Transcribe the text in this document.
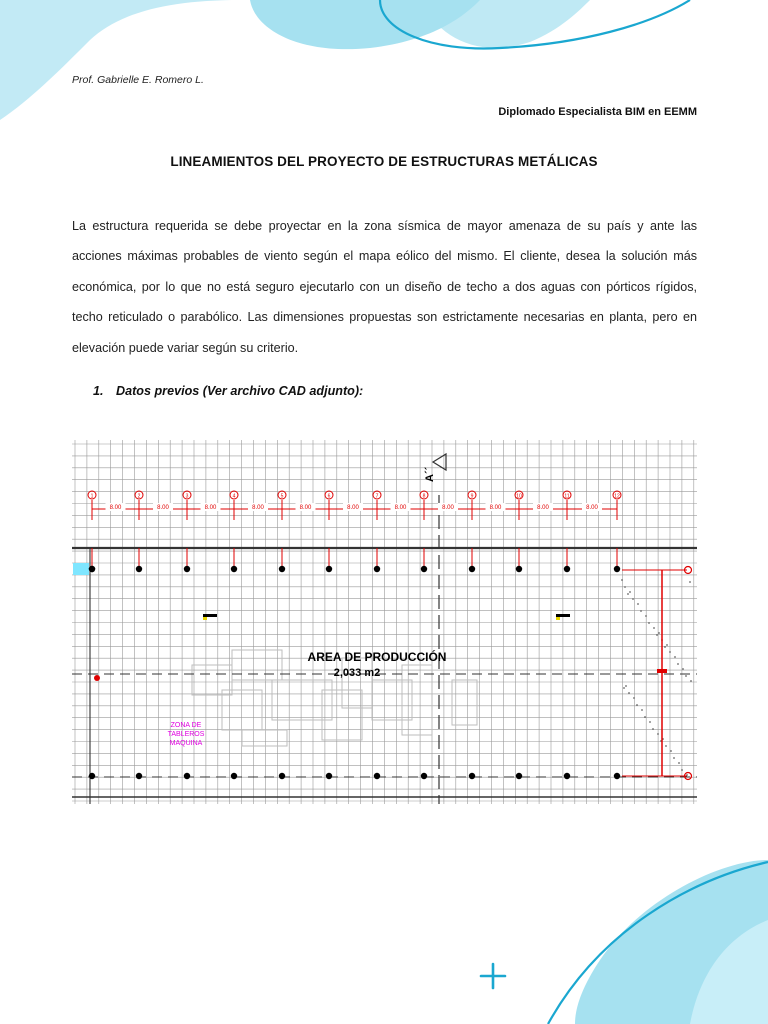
Prof. Gabrielle E. Romero L.
Diplomado Especialista BIM en EEMM
LINEAMIENTOS DEL PROYECTO DE ESTRUCTURAS METÁLICAS
La estructura requerida se debe proyectar en la zona sísmica de mayor amenaza de su país y ante las acciones máximas probables de viento según el mapa eólico del mismo. El cliente, desea la solución más económica, por lo que no está seguro ejecutarlo con un diseño de techo a dos aguas con pórticos rígidos, techo reticulado o parabólico. Las dimensiones propuestas son estrictamente necesarias en planta, pero en elevación puede variar según su criterio.
1. Datos previos (Ver archivo CAD adjunto):
1
8.00
2
8.00
3
8.00
4
8.00
5
8.00
6
8.00
7
8.00
8
8.00
9
8.00
10
8.00
11
8.00
12
A´´
AREA DE PRODUCCIÓN
2,033 m2
ZONA DE
TABLEROS
MAQUINA
